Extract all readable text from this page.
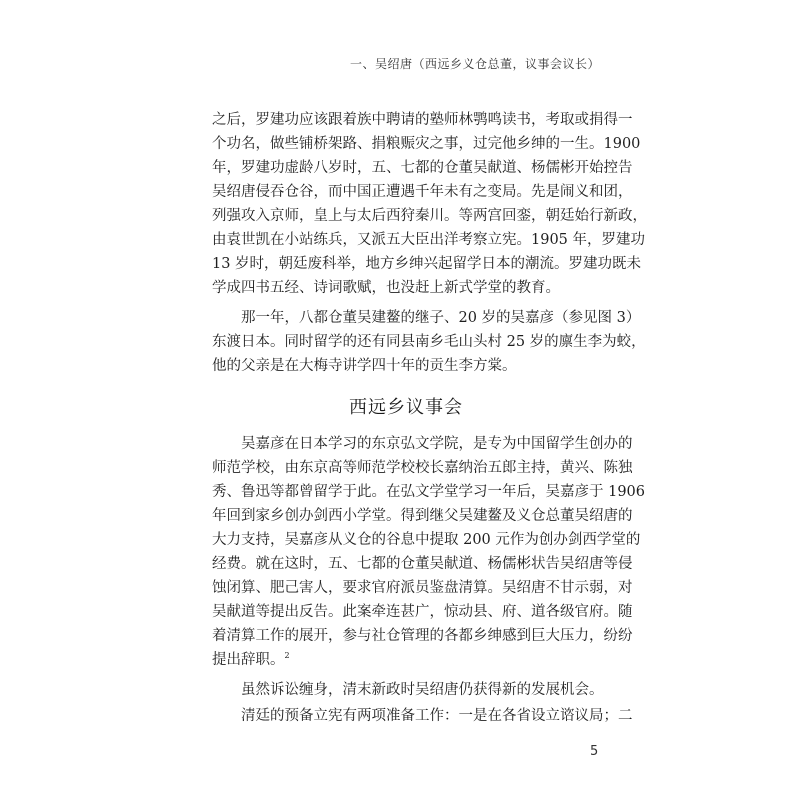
一、吴绍唐（西远乡义仓总董，议事会议长）
之后，罗建功应该跟着族中聘请的塾师林鹗鸣读书，考取或捐得一
个功名，做些铺桥架路、捐粮赈灾之事，过完他乡绅的一生。1900
年，罗建功虚龄八岁时，五、七都的仓董吴献道、杨儒彬开始控告
吴绍唐侵吞仓谷，而中国正遭遇千年未有之变局。先是闹义和团，
列强攻入京师，皇上与太后西狩秦川。等两宫回銮，朝廷始行新政，
由袁世凯在小站练兵，又派五大臣出洋考察立宪。1905 年，罗建功
13 岁时，朝廷废科举，地方乡绅兴起留学日本的潮流。罗建功既未
学成四书五经、诗词歌赋，也没赶上新式学堂的教育。
那一年，八都仓董吴建鳌的继子、20 岁的吴嘉彦（参见图 3）
东渡日本。同时留学的还有同县南乡毛山头村 25 岁的廪生李为蛟，
他的父亲是在大梅寺讲学四十年的贡生李方棠。
西远乡议事会
吴嘉彦在日本学习的东京弘文学院，是专为中国留学生创办的
师范学校，由东京高等师范学校校长嘉纳治五郎主持，黄兴、陈独
秀、鲁迅等都曾留学于此。在弘文学堂学习一年后，吴嘉彦于 1906
年回到家乡创办剑西小学堂。得到继父吴建鳌及义仓总董吴绍唐的
大力支持，吴嘉彦从义仓的谷息中提取 200 元作为创办剑西学堂的
经费。就在这时，五、七都的仓董吴献道、杨儒彬状告吴绍唐等侵
蚀闭算、肥己害人，要求官府派员鉴盘清算。吴绍唐不甘示弱，对
吴献道等提出反告。此案牵连甚广，惊动县、府、道各级官府。随
着清算工作的展开，参与社仓管理的各都乡绅感到巨大压力，纷纷
提出辞职。$^2$
虽然诉讼缠身，清末新政时吴绍唐仍获得新的发展机会。
清廷的预备立宪有两项准备工作：一是在各省设立谘议局；二
5
